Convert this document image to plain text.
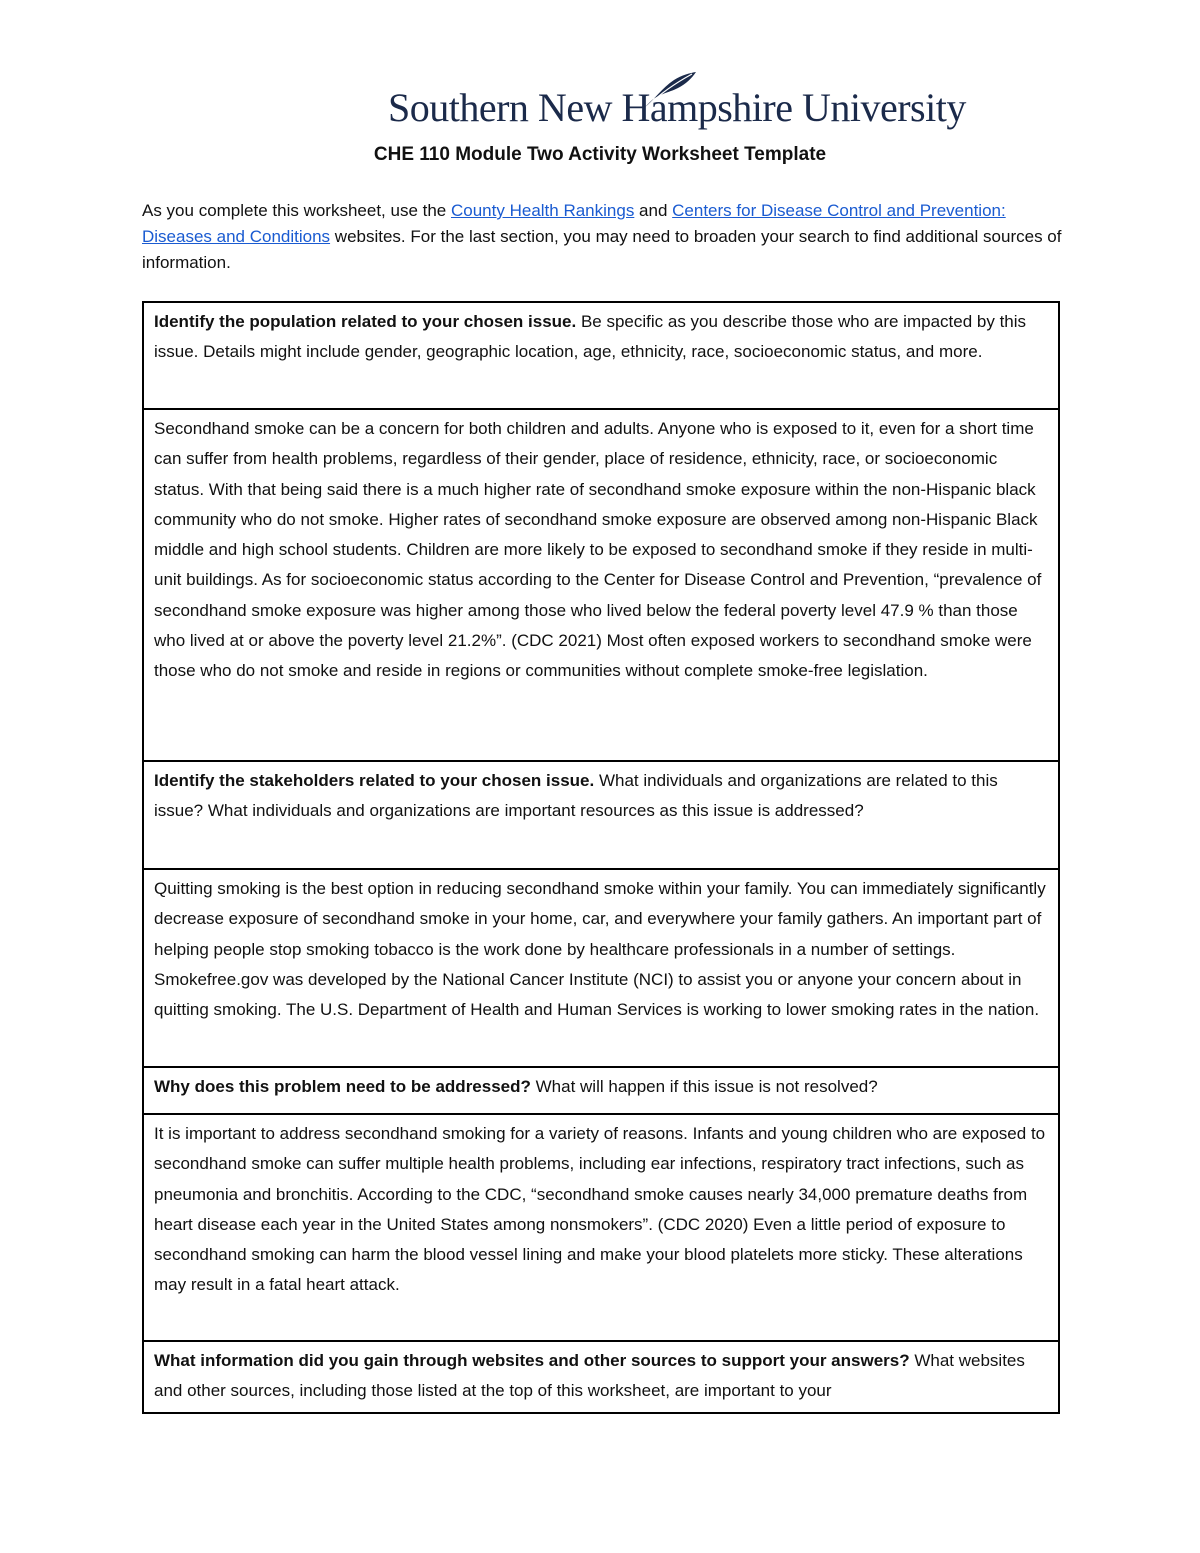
Southern New Hampshire University
CHE 110 Module Two Activity Worksheet Template
As you complete this worksheet, use the County Health Rankings and Centers for Disease Control and Prevention: Diseases and Conditions websites. For the last section, you may need to broaden your search to find additional sources of information.
Identify the population related to your chosen issue. Be specific as you describe those who are impacted by this issue. Details might include gender, geographic location, age, ethnicity, race, socioeconomic status, and more.
Secondhand smoke can be a concern for both children and adults. Anyone who is exposed to it, even for a short time can suffer from health problems, regardless of their gender, place of residence, ethnicity, race, or socioeconomic status. With that being said there is a much higher rate of secondhand smoke exposure within the non-Hispanic black community who do not smoke. Higher rates of secondhand smoke exposure are observed among non-Hispanic Black middle and high school students. Children are more likely to be exposed to secondhand smoke if they reside in multi-unit buildings. As for socioeconomic status according to the Center for Disease Control and Prevention, “prevalence of secondhand smoke exposure was higher among those who lived below the federal poverty level 47.9 % than those who lived at or above the poverty level 21.2%”. (CDC 2021) Most often exposed workers to secondhand smoke were those who do not smoke and reside in regions or communities without complete smoke-free legislation.
Identify the stakeholders related to your chosen issue. What individuals and organizations are related to this issue? What individuals and organizations are important resources as this issue is addressed?
Quitting smoking is the best option in reducing secondhand smoke within your family. You can immediately significantly decrease exposure of secondhand smoke in your home, car, and everywhere your family gathers. An important part of helping people stop smoking tobacco is the work done by healthcare professionals in a number of settings. Smokefree.gov was developed by the National Cancer Institute (NCI) to assist you or anyone your concern about in quitting smoking. The U.S. Department of Health and Human Services is working to lower smoking rates in the nation.
Why does this problem need to be addressed? What will happen if this issue is not resolved?
It is important to address secondhand smoking for a variety of reasons. Infants and young children who are exposed to secondhand smoke can suffer multiple health problems, including ear infections, respiratory tract infections, such as pneumonia and bronchitis. According to the CDC, “secondhand smoke causes nearly 34,000 premature deaths from heart disease each year in the United States among nonsmokers”. (CDC 2020) Even a little period of exposure to secondhand smoking can harm the blood vessel lining and make your blood platelets more sticky. These alterations may result in a fatal heart attack.
What information did you gain through websites and other sources to support your answers? What websites and other sources, including those listed at the top of this worksheet, are important to your
